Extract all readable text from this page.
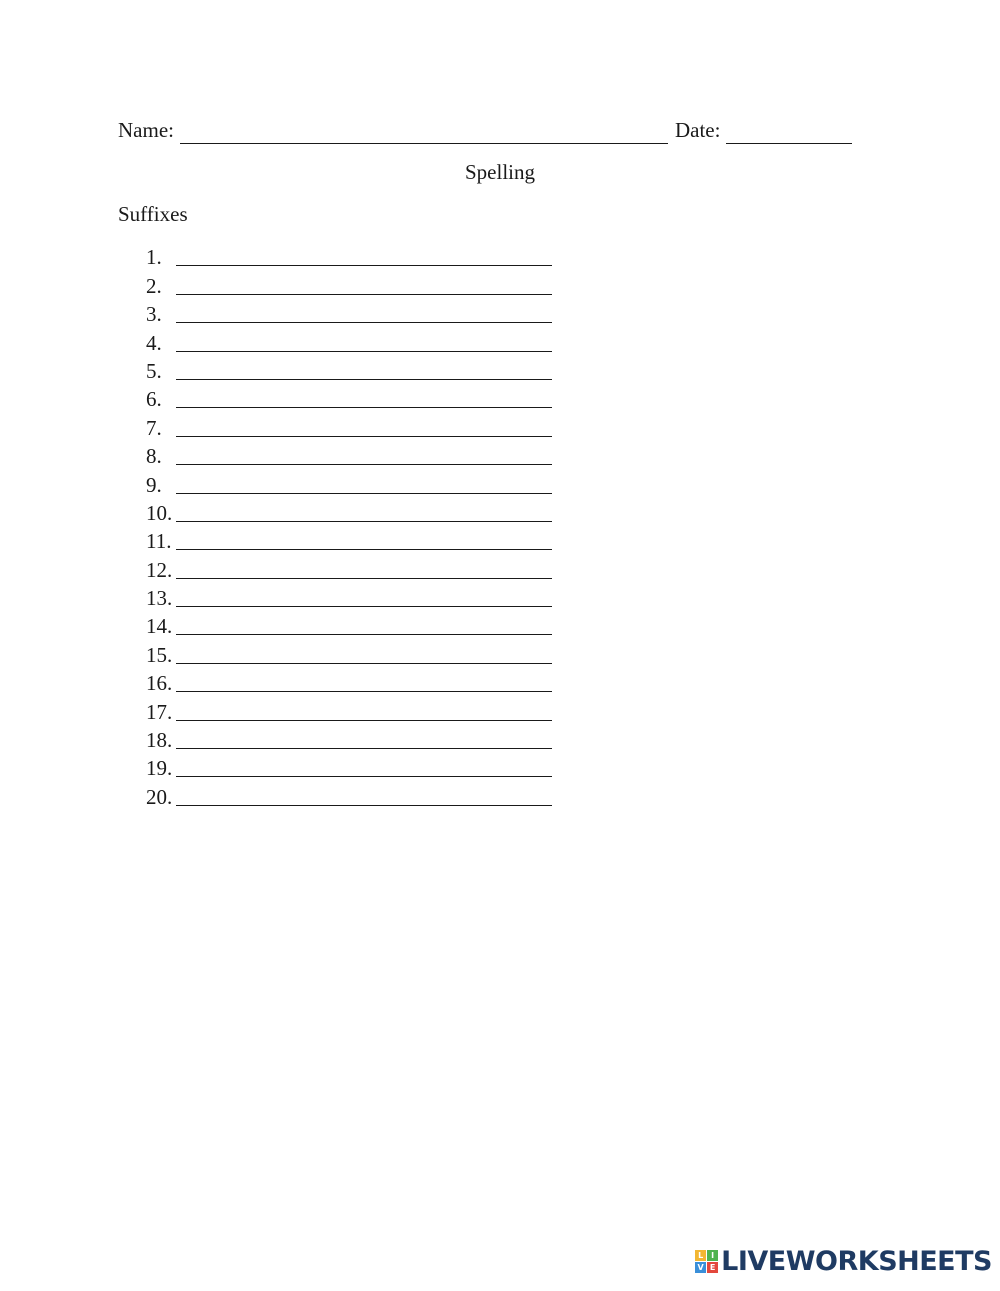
Name:	Date:
Spelling
Suffixes
1.
2.
3.
4.
5.
6.
7.
8.
9.
10.
11.
12.
13.
14.
15.
16.
17.
18.
19.
20.
L I
V E LIVEWORKSHEETS
